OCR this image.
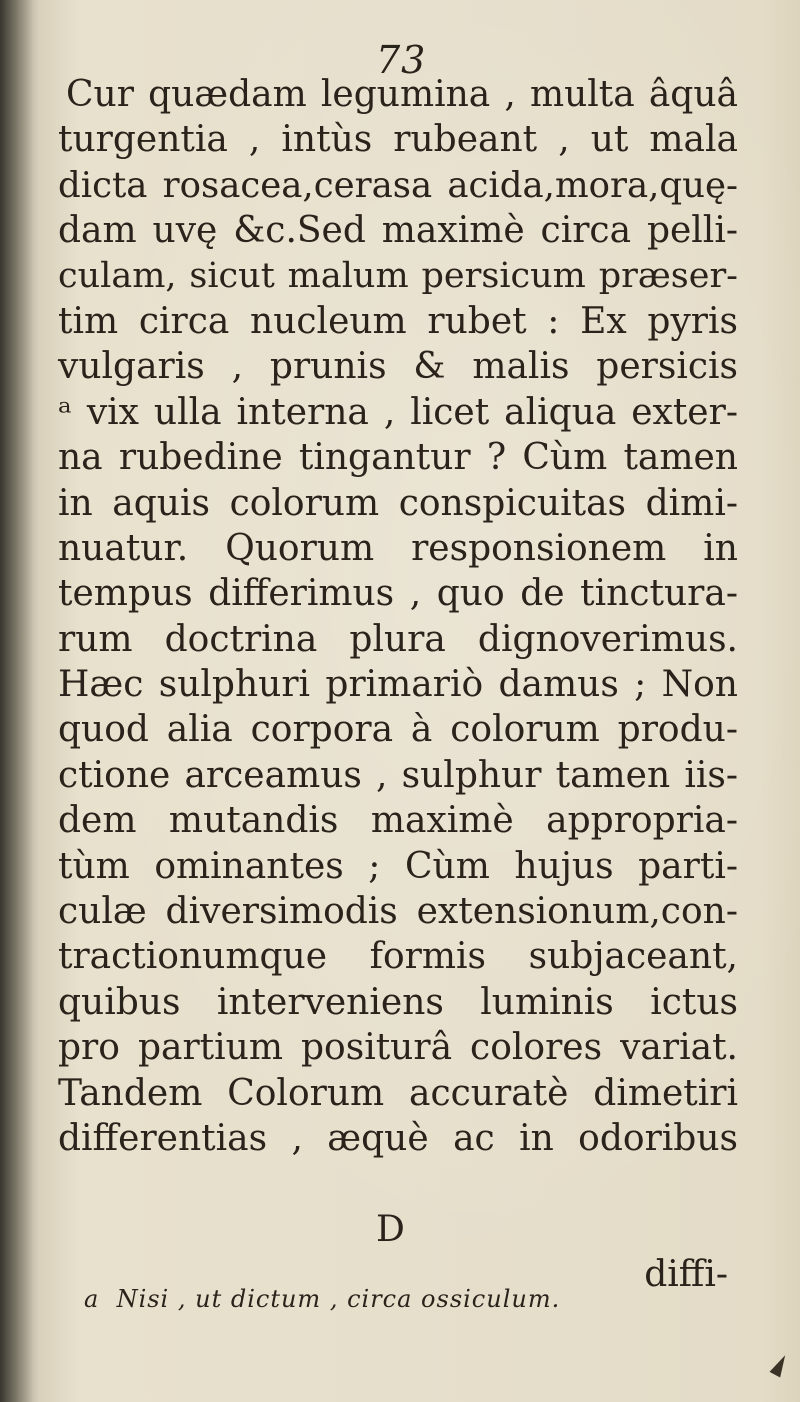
73
Cur quædam legumina , multa âquâ
turgentia , intùs rubeant , ut mala
dicta rosacea,cerasa acida,mora,quę-
dam uvę &c.Sed maximè circa pelli-
culam, sicut malum persicum præser-
tim circa nucleum rubet : Ex pyris
vulgaris , prunis & malis persicis
ᵃ vix ulla interna , licet aliqua exter-
na rubedine tingantur ? Cùm tamen
in aquis colorum conspicuitas dimi-
nuatur. Quorum responsionem in
tempus differimus , quo de tinctura-
rum doctrina plura dignoverimus.
Hæc sulphuri primariò damus ; Non
quod alia corpora à colorum produ-
ctione arceamus , sulphur tamen iis-
dem mutandis maximè appropria-
tùm ominantes ; Cùm hujus parti-
culæ diversimodis extensionum,con-
tractionumque formis subjaceant,
quibus interveniens luminis ictus
pro partium positurâ colores variat.
Tandem Colorum accuratè dimetiri
differentias , æquè ac in odoribus

D

diffi-

a  Nisi , ut dictum , circa ossiculum.
